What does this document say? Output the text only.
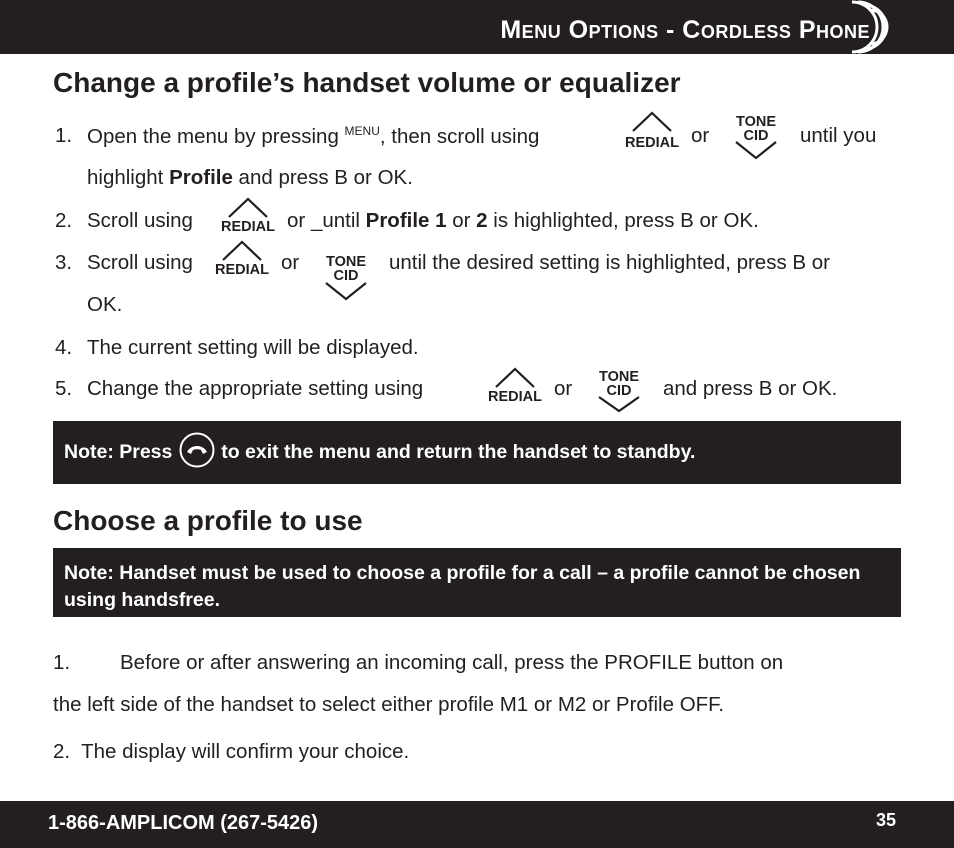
Menu Options - Cordless Phone
Change a profile’s handset volume or equalizer
1. Open the menu by pressing $^{MENU}$, then scroll using	REDIAL or
TONE
CID until you
highlight Profile and press B or OK.
2. Scroll using REDIAL or _until Profile 1 or 2 is highlighted, press B or OK.
3. Scroll using REDIAL or TONE
CID
until the desired setting is highlighted, press B or
OK.
4. The current setting will be displayed.
5. Change the appropriate setting using	REDIAL or TONE
CID and press B or OK.
Note: Press  to exit the menu and return the handset to standby.
Choose a profile to use
Note: Handset must be used to choose a profile for a call – a profile cannot be chosen using handsfree.
1. Before or after answering an incoming call, press the PROFILE button on
the left side of the handset to select either profile M1 or M2 or Profile OFF.
2.  The display will confirm your choice.
1-866-AMPLICOM (267-5426)	35
